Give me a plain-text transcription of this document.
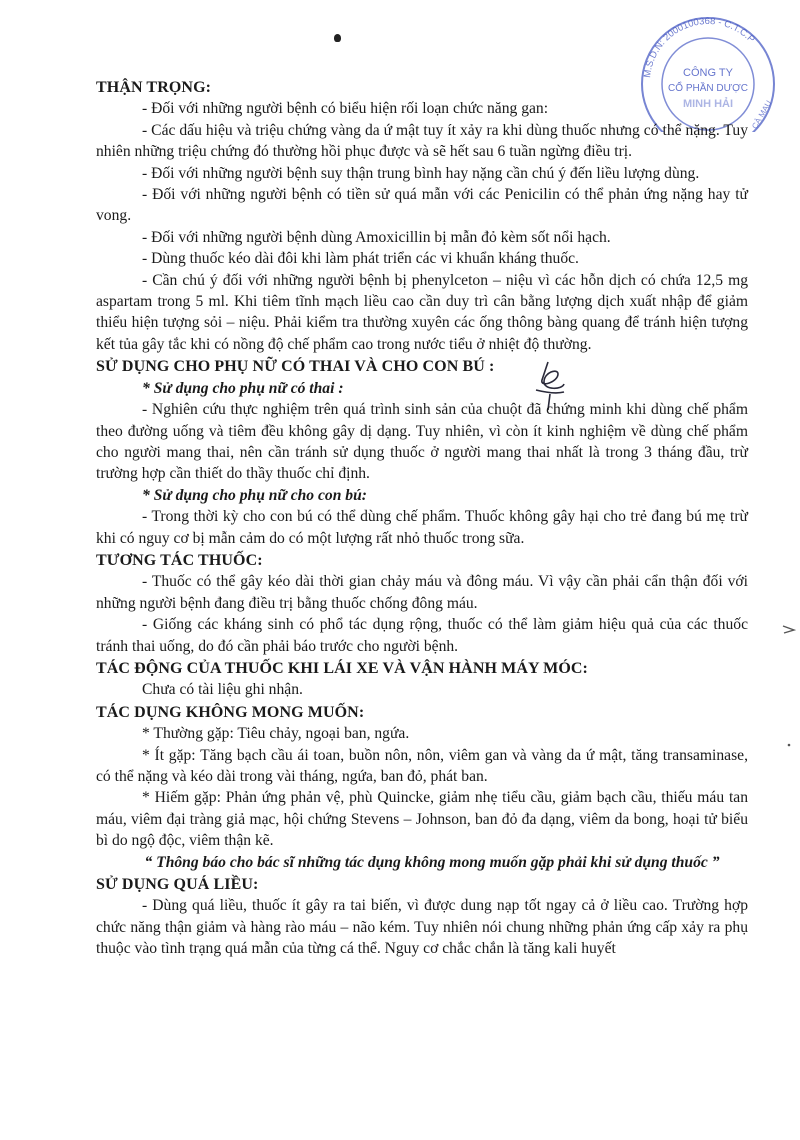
M.S.D.N: 2000100368 - C.T.C.P
CÔNG TY
CỔ PHẦN DƯỢC
MINH HẢI CÀ MAU
THẬN TRỌNG:

- Đối với những người bệnh có biểu hiện rối loạn chức năng gan:

- Các dấu hiệu và triệu chứng vàng da ứ mật tuy ít xảy ra khi dùng thuốc nhưng có thể nặng. Tuy nhiên những triệu chứng đó thường hồi phục được và sẽ hết sau 6 tuần ngừng điều trị.

- Đối với những người bệnh suy thận trung bình hay nặng cần chú ý đến liều lượng dùng.

- Đối với những người bệnh có tiền sử quá mẫn với các Penicilin có thể phản ứng nặng hay tử vong.

- Đối với những người bệnh dùng Amoxicillin bị mẫn đỏ kèm sốt nổi hạch.

- Dùng thuốc kéo dài đôi khi làm phát triển các vi khuẩn kháng thuốc.

- Cần chú ý đối với những người bệnh bị phenylceton – niệu vì các hỗn dịch có chứa 12,5 mg aspartam trong 5 ml. Khi tiêm tĩnh mạch liều cao cần duy trì cân bằng lượng dịch xuất nhập để giảm thiểu hiện tượng sỏi – niệu. Phải kiểm tra thường xuyên các ống thông bàng quang để tránh hiện tượng kết tủa gây tắc khi có nồng độ chế phẩm cao trong nước tiểu ở nhiệt độ thường.

SỬ DỤNG CHO PHỤ NỮ CÓ THAI VÀ CHO CON BÚ :

* Sử dụng cho phụ nữ có thai :

- Nghiên cứu thực nghiệm trên quá trình sinh sản của chuột đã chứng minh khi dùng chế phẩm theo đường uống và tiêm đều không gây dị dạng. Tuy nhiên, vì còn ít kinh nghiệm về dùng chế phẩm cho người mang thai, nên cần tránh sử dụng thuốc ở người mang thai nhất là trong 3 tháng đầu, trừ trường hợp cần thiết do thầy thuốc chỉ định.

* Sử dụng cho phụ nữ cho con bú:

- Trong thời kỳ cho con bú có thể dùng chế phẩm. Thuốc không gây hại cho trẻ đang bú mẹ trừ khi có nguy cơ bị mẫn cảm do có một lượng rất nhỏ thuốc trong sữa.

TƯƠNG TÁC THUỐC:

- Thuốc có thể gây kéo dài thời gian chảy máu và đông máu. Vì vậy cần phải cẩn thận đối với những người bệnh đang điều trị bằng thuốc chống đông máu.

- Giống các kháng sinh có phổ tác dụng rộng, thuốc có thể làm giảm hiệu quả của các thuốc tránh thai uống, do đó cần phải báo trước cho người bệnh.

TÁC ĐỘNG CỦA THUỐC KHI LÁI XE VÀ VẬN HÀNH MÁY MÓC:

Chưa có tài liệu ghi nhận.

TÁC DỤNG KHÔNG MONG MUỐN:

* Thường gặp: Tiêu chảy, ngoại ban, ngứa.

* Ít gặp: Tăng bạch cầu ái toan, buồn nôn, nôn, viêm gan và vàng da ứ mật, tăng transaminase, có thể nặng và kéo dài trong vài tháng, ngứa, ban đỏ, phát ban.

* Hiếm gặp: Phản ứng phản vệ, phù Quincke, giảm nhẹ tiểu cầu, giảm bạch cầu, thiếu máu tan máu, viêm đại tràng giả mạc, hội chứng Stevens – Johnson, ban đỏ đa dạng, viêm da bong, hoại tử biểu bì do ngộ độc, viêm thận kẽ.

“ Thông báo cho bác sĩ những tác dụng không mong muốn gặp phải khi sử dụng thuốc ”

SỬ DỤNG QUÁ LIỀU:

- Dùng quá liều, thuốc ít gây ra tai biến, vì được dung nạp tốt ngay cả ở liều cao. Trường hợp chức năng thận giảm và hàng rào máu – não kém. Tuy nhiên nói chung những phản ứng cấp xảy ra phụ thuộc vào tình trạng quá mẫn của từng cá thể. Nguy cơ chắc chắn là tăng kali huyết
